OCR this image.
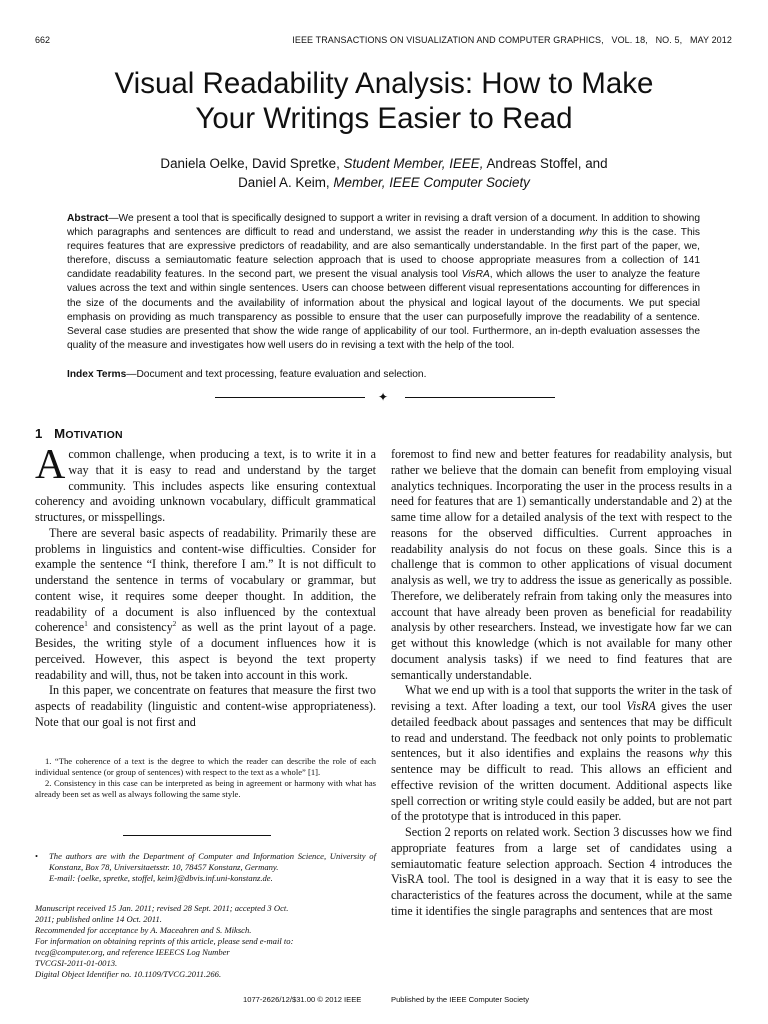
662	IEEE TRANSACTIONS ON VISUALIZATION AND COMPUTER GRAPHICS,   VOL. 18,   NO. 5,   MAY 2012
Visual Readability Analysis: How to Make
Your Writings Easier to Read
Daniela Oelke, David Spretke, Student Member, IEEE, Andreas Stoffel, and
Daniel A. Keim, Member, IEEE Computer Society
Abstract—We present a tool that is specifically designed to support a writer in revising a draft version of a document. In addition to showing which paragraphs and sentences are difficult to read and understand, we assist the reader in understanding why this is the case. This requires features that are expressive predictors of readability, and are also semantically understandable. In the first part of the paper, we, therefore, discuss a semiautomatic feature selection approach that is used to choose appropriate measures from a collection of 141 candidate readability features. In the second part, we present the visual analysis tool VisRA, which allows the user to analyze the feature values across the text and within single sentences. Users can choose between different visual representations accounting for differences in the size of the documents and the availability of information about the physical and logical layout of the documents. We put special emphasis on providing as much transparency as possible to ensure that the user can purposefully improve the readability of a sentence. Several case studies are presented that show the wide range of applicability of our tool. Furthermore, an in-depth evaluation assesses the quality of the measure and investigates how well users do in revising a text with the help of the tool.
Index Terms—Document and text processing, feature evaluation and selection.
✦
1 MOTIVATION

A common challenge, when producing a text, is to write it in a way that it is easy to read and understand by the target community. This includes aspects like ensuring contextual coherency and avoiding unknown vocabulary, difficult grammatical structures, or misspellings.

There are several basic aspects of readability. Primarily these are problems in linguistics and content-wise difficulties. Consider for example the sentence “I think, therefore I am.” It is not difficult to understand the sentence in terms of vocabulary or grammar, but content wise, it requires some deeper thought. In addition, the readability of a document is also influenced by the contextual coherence$^1$ and consistency$^2$ as well as the print layout of a page. Besides, the writing style of a document influences how it is perceived. However, this aspect is beyond the text property readability and will, thus, not be taken into account in this work.

In this paper, we concentrate on features that measure the first two aspects of readability (linguistic and content-wise appropriateness). Note that our goal is not first and

1. “The coherence of a text is the degree to which the reader can describe the role of each individual sentence (or group of sentences) with respect to the text as a whole” [1].

2. Consistency in this case can be interpreted as being in agreement or harmony with what has already been set as well as always following the same style.

• The authors are with the Department of Computer and Information Science, University of Konstanz, Box 78, Universitaetsstr. 10, 78457 Konstanz, Germany.
E-mail: {oelke, spretke, stoffel, keim}@dbvis.inf.uni-konstanz.de.
Manuscript received 15 Jan. 2011; revised 28 Sept. 2011; accepted 3 Oct.
2011; published online 14 Oct. 2011.
Recommended for acceptance by A. Maceahren and S. Miksch.
For information on obtaining reprints of this article, please send e-mail to:
tvcg@computer.org, and reference IEEECS Log Number
TVCGSI-2011-01-0013.
Digital Object Identifier no. 10.1109/TVCG.2011.266.

foremost to find new and better features for readability analysis, but rather we believe that the domain can benefit from employing visual analytics techniques. Incorporating the user in the process results in a need for features that are 1) semantically understandable and 2) at the same time allow for a detailed analysis of the text with respect to the reasons for the observed difficulties. Current approaches in readability analysis do not focus on these goals. Since this is a challenge that is common to other applications of visual document analysis as well, we try to address the issue as generically as possible. Therefore, we deliberately refrain from taking only the measures into account that have already been proven as beneficial for readability analysis by other researchers. Instead, we investigate how far we can get without this knowledge (which is not available for many other document analysis tasks) if we need to find features that are semantically understandable.

What we end up with is a tool that supports the writer in the task of revising a text. After loading a text, our tool VisRA gives the user detailed feedback about passages and sentences that may be difficult to read and understand. The feedback not only points to problematic sentences, but it also identifies and explains the reasons why this sentence may be difficult to read. This allows an efficient and effective revision of the written document. Additional aspects like spell correction or writing style could easily be added, but are not part of the prototype that is introduced in this paper.

Section 2 reports on related work. Section 3 discusses how we find appropriate features from a large set of candidates using a semiautomatic feature selection approach. Section 4 introduces the VisRA tool. The tool is designed in a way that it is easy to see the characteristics of the features across the document, while at the same time it identifies the single paragraphs and sentences that are most

1077-2626/12/$31.00 © 2012 IEEE	Published by the IEEE Computer Society
